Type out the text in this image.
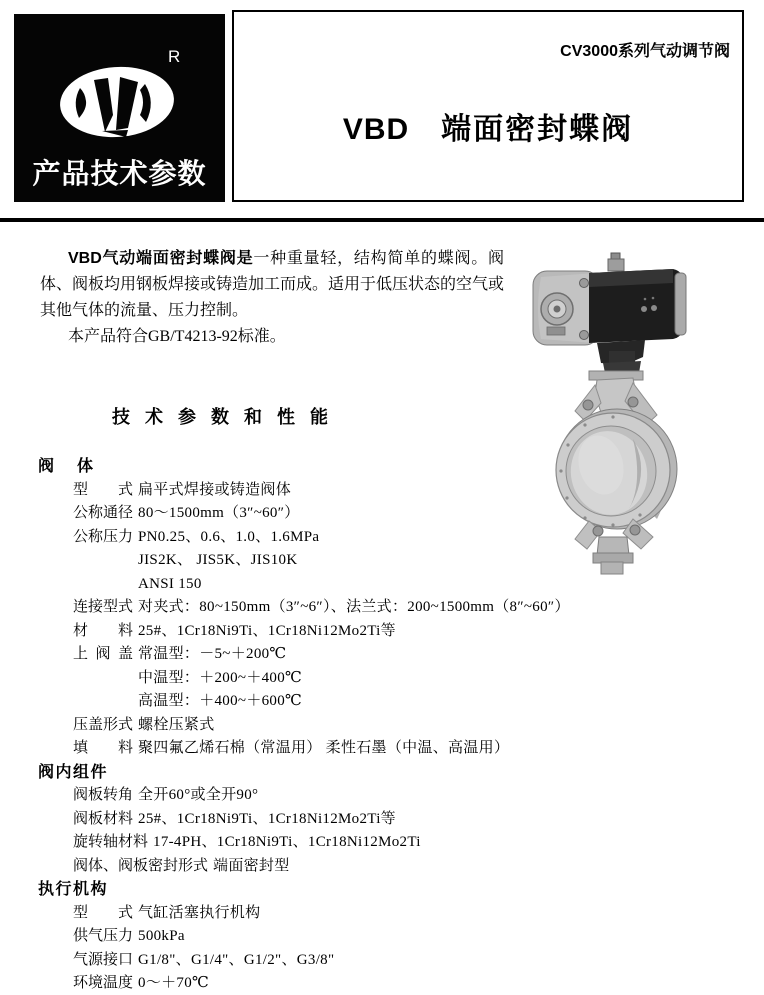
R
产品技术参数
CV3000系列气动调节阀
VBD 端面密封蝶阀

VBD气动端面密封蝶阀是一种重量轻，结构简单的蝶阀。阀体、阀板均用钢板焊接或铸造加工而成。适用于低压状态的空气或其他气体的流量、压力控制。

本产品符合GB/T4213-92标准。

技术参数和性能
阀体
型式 扁平式焊接或铸造阀体
公称通径 80～1500mm（3″~60″）
公称压力 PN0.25、0.6、1.0、1.6MPa
JIS2K、 JIS5K、JIS10K
ANSI 150
连接型式 对夹式：80~150mm（3″~6″）、法兰式：200~1500mm（8″~60″）
材料 25#、1Cr18Ni9Ti、1Cr18Ni12Mo2Ti等
上阀盖 常温型：－5~＋200℃
中温型：＋200~＋400℃
高温型：＋400~＋600℃
压盖形式 螺栓压紧式
填料 聚四氟乙烯石棉（常温用） 柔性石墨（中温、高温用）
阀内组件
阀板转角 全开60°或全开90°
阀板材料 25#、1Cr18Ni9Ti、1Cr18Ni12Mo2Ti等
旋转轴材料 17-4PH、1Cr18Ni9Ti、1Cr18Ni12Mo2Ti
阀体、阀板密封形式 端面密封型
执行机构
型式 气缸活塞执行机构
供气压力 500kPa
气源接口 G1/8"、G1/4"、G1/2"、G3/8"
环境温度 0～＋70℃
